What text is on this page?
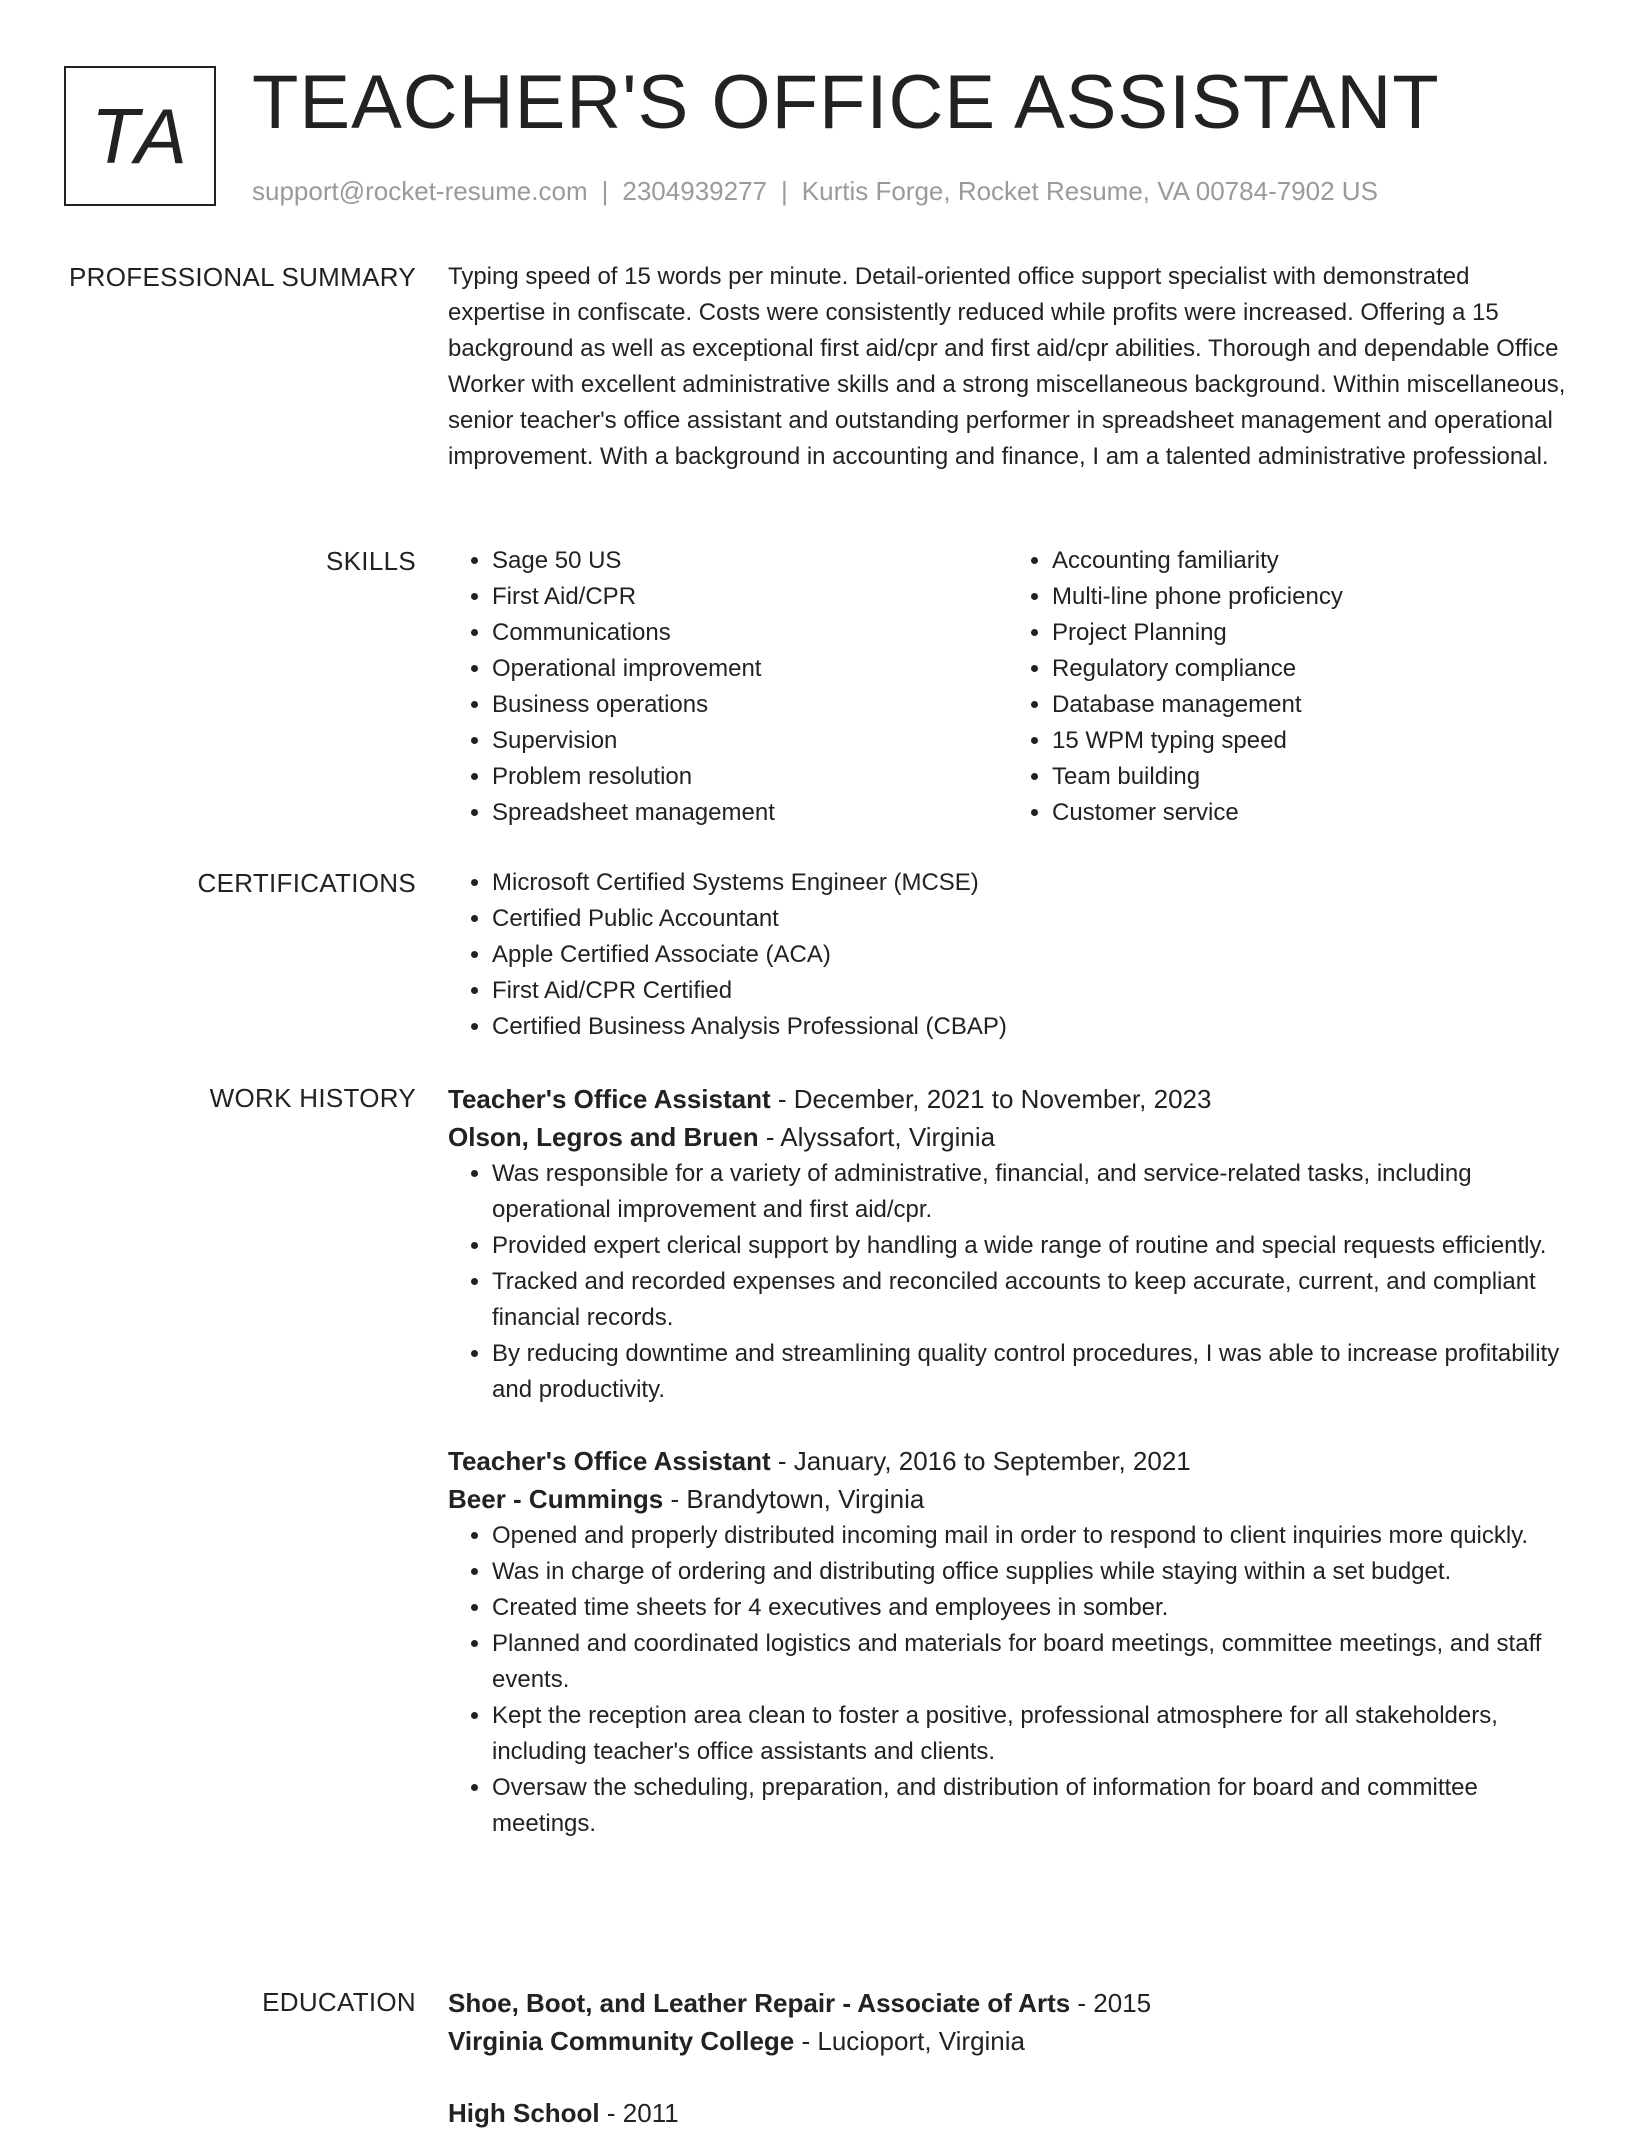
TA TEACHER'S OFFICE ASSISTANT
support@rocket-resume.com | 2304939277 | Kurtis Forge, Rocket Resume, VA 00784-7902 US
PROFESSIONAL SUMMARY Typing speed of 15 words per minute. Detail-oriented office support specialist with demonstrated expertise in confiscate. Costs were consistently reduced while profits were increased. Offering a 15 background as well as exceptional first aid/cpr and first aid/cpr abilities. Thorough and dependable Office Worker with excellent administrative skills and a strong miscellaneous background. Within miscellaneous, senior teacher's office assistant and outstanding performer in spreadsheet management and operational improvement. With a background in accounting and finance, I am a talented administrative professional.

SKILLS	• Sage 50 US
• First Aid/CPR
• Communications
• Operational improvement
• Business operations
• Supervision
• Problem resolution
• Spreadsheet management
• Accounting familiarity
• Multi-line phone proficiency
• Project Planning
• Regulatory compliance
• Database management
• 15 WPM typing speed
• Team building
• Customer service
CERTIFICATIONS	• Microsoft Certified Systems Engineer (MCSE)
• Certified Public Accountant
• Apple Certified Associate (ACA)
• First Aid/CPR Certified
• Certified Business Analysis Professional (CBAP)
WORK HISTORY Teacher's Office Assistant - December, 2021 to November, 2023
Olson, Legros and Bruen - Alyssafort, Virginia
• Was responsible for a variety of administrative, financial, and service-related tasks, including operational improvement and first aid/cpr.
• Provided expert clerical support by handling a wide range of routine and special requests efficiently.
• Tracked and recorded expenses and reconciled accounts to keep accurate, current, and compliant financial records.
• By reducing downtime and streamlining quality control procedures, I was able to increase profitability and productivity.
Teacher's Office Assistant - January, 2016 to September, 2021
Beer - Cummings - Brandytown, Virginia
• Opened and properly distributed incoming mail in order to respond to client inquiries more quickly.
• Was in charge of ordering and distributing office supplies while staying within a set budget.
• Created time sheets for 4 executives and employees in somber.
• Planned and coordinated logistics and materials for board meetings, committee meetings, and staff events.
• Kept the reception area clean to foster a positive, professional atmosphere for all stakeholders, including teacher's office assistants and clients.
• Oversaw the scheduling, preparation, and distribution of information for board and committee meetings.
EDUCATION Shoe, Boot, and Leather Repair - Associate of Arts - 2015
Virginia Community College - Lucioport, Virginia
High School - 2011
